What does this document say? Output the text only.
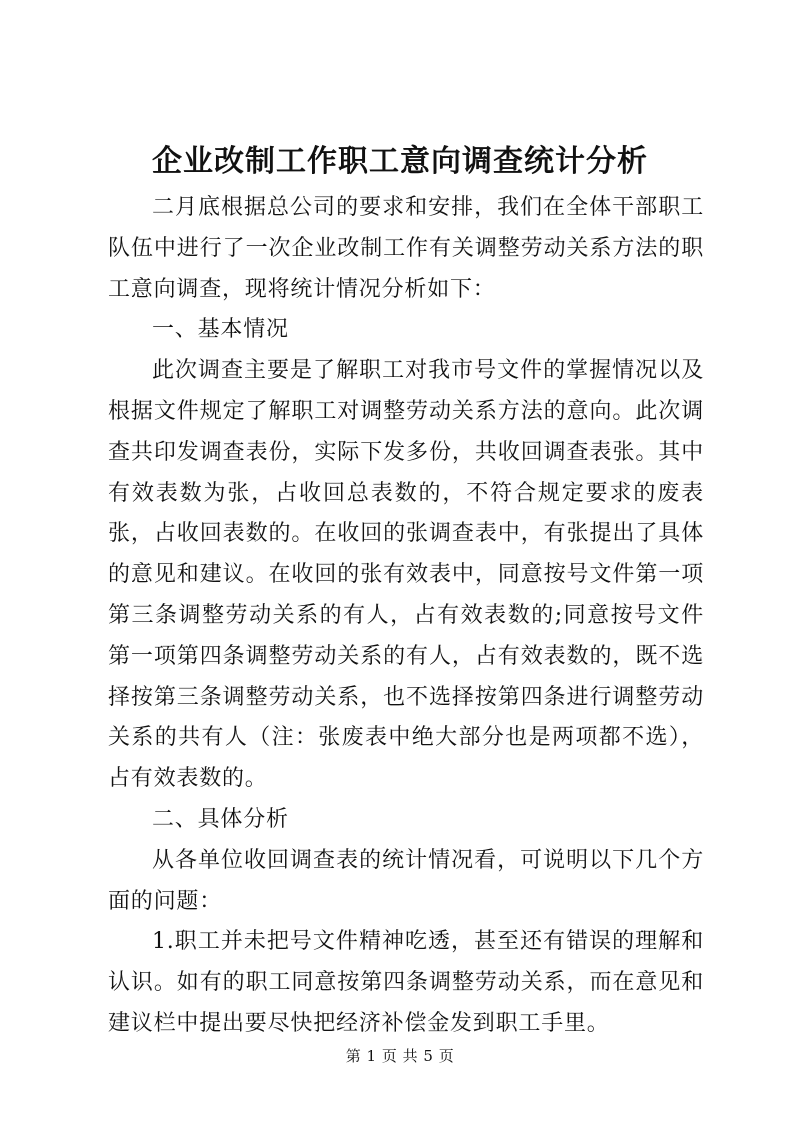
企业改制工作职工意向调查统计分析

二月底根据总公司的要求和安排，我们在全体干部职工队伍中进行了一次企业改制工作有关调整劳动关系方法的职工意向调查，现将统计情况分析如下：

一、基本情况

此次调查主要是了解职工对我市号文件的掌握情况以及根据文件规定了解职工对调整劳动关系方法的意向。此次调查共印发调查表份，实际下发多份，共收回调查表张。其中有效表数为张，占收回总表数的，不符合规定要求的废表张，占收回表数的。在收回的张调查表中，有张提出了具体的意见和建议。在收回的张有效表中，同意按号文件第一项第三条调整劳动关系的有人，占有效表数的;同意按号文件第一项第四条调整劳动关系的有人，占有效表数的，既不选择按第三条调整劳动关系，也不选择按第四条进行调整劳动关系的共有人（注：张废表中绝大部分也是两项都不选），占有效表数的。

二、具体分析

从各单位收回调查表的统计情况看，可说明以下几个方面的问题：

1.职工并未把号文件精神吃透，甚至还有错误的理解和认识。如有的职工同意按第四条调整劳动关系，而在意见和建议栏中提出要尽快把经济补偿金发到职工手里。

第 1 页 共 5 页
